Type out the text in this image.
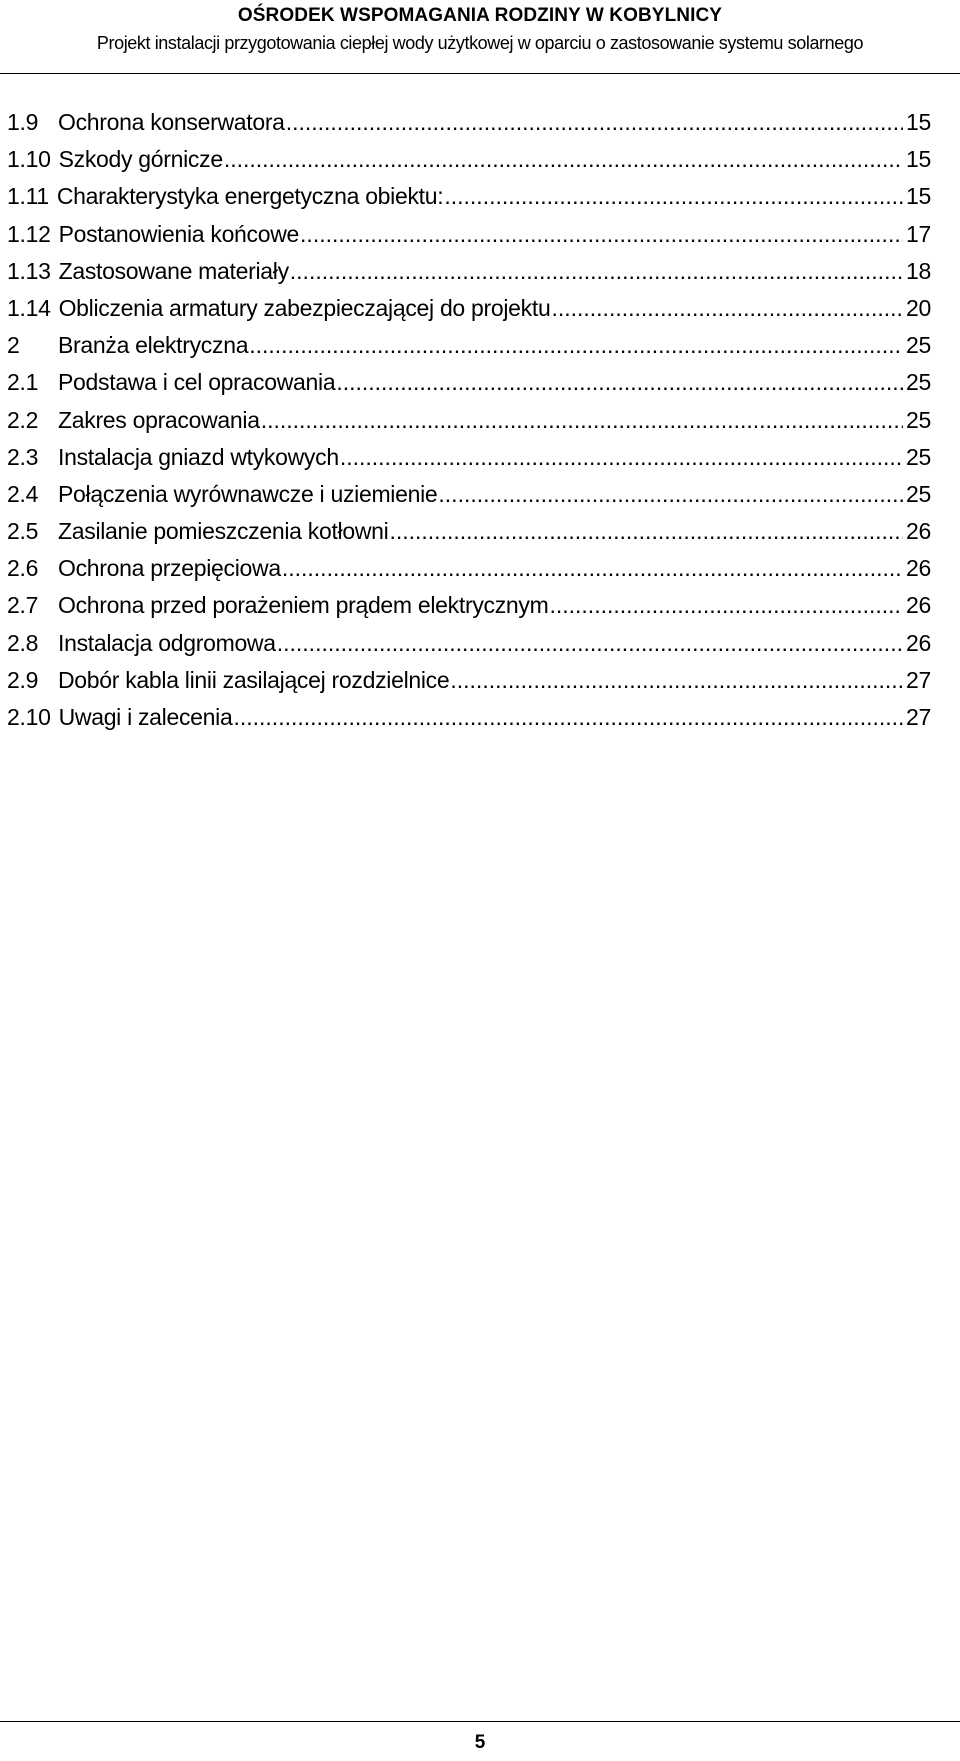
OŚRODEK WSPOMAGANIA RODZINY W KOBYLNICY
Projekt instalacji przygotowania ciepłej wody użytkowej w oparciu o zastosowanie systemu solarnego
1.9 Ochrona konserwatora .....	15
1.10 Szkody górnicze .....	15
1.11 Charakterystyka energetyczna obiektu: .....	15
1.12 Postanowienia końcowe .....	17
1.13 Zastosowane materiały .....	18
1.14 Obliczenia armatury zabezpieczającej do projektu .....	20
2	Branża elektryczna .....	25
2.1 Podstawa i cel opracowania .....	25
2.2 Zakres opracowania .....	25
2.3 Instalacja gniazd wtykowych .....	25
2.4 Połączenia wyrównawcze i uziemienie .....	25
2.5 Zasilanie pomieszczenia kotłowni .....	26
2.6 Ochrona przepięciowa .....	26
2.7 Ochrona przed porażeniem prądem elektrycznym .....	26
2.8 Instalacja odgromowa .....	26
2.9 Dobór kabla linii zasilającej rozdzielnice .....	27
2.10 Uwagi i zalecenia .....	27
5
